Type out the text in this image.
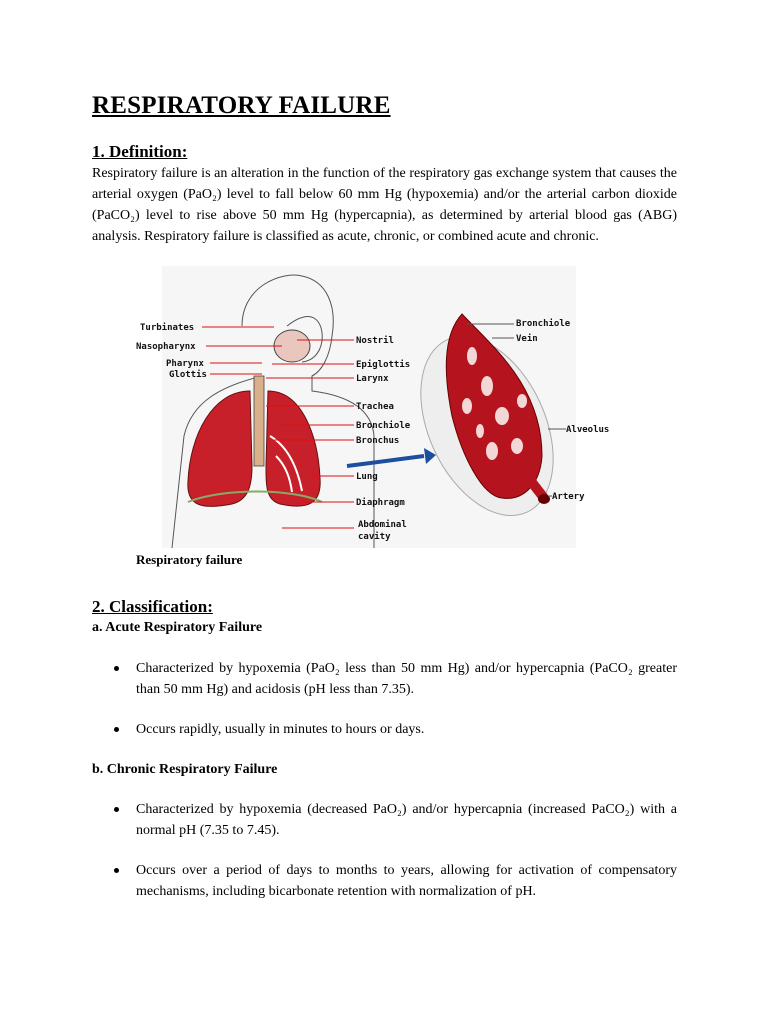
RESPIRATORY FAILURE
1. Definition:

Respiratory failure is an alteration in the function of the respiratory gas exchange system that causes the arterial oxygen (PaO₂) level to fall below 60 mm Hg (hypoxemia) and/or the arterial carbon dioxide (PaCO₂) level to rise above 50 mm Hg (hypercapnia), as determined by arterial blood gas (ABG) analysis. Respiratory failure is classified as acute, chronic, or combined acute and chronic.

Turbinates
Nasopharynx
Pharynx
Glottis
Nostril
Epiglottis
Larynx
Trachea
Bronchiole
Bronchus
Lung
Diaphragm
Abdominal
cavity
Bronchiole
Vein
Alveolus
Artery

Respiratory failure

2. Classification:
a. Acute Respiratory Failure
Characterized by hypoxemia (PaO₂ less than 50 mm Hg) and/or hypercapnia (PaCO₂ greater than 50 mm Hg) and acidosis (pH less than 7.35).
Occurs rapidly, usually in minutes to hours or days.
b. Chronic Respiratory Failure
Characterized by hypoxemia (decreased PaO₂) and/or hypercapnia (increased PaCO₂) with a normal pH (7.35 to 7.45).
Occurs over a period of days to months to years, allowing for activation of compensatory mechanisms, including bicarbonate retention with normalization of pH.
